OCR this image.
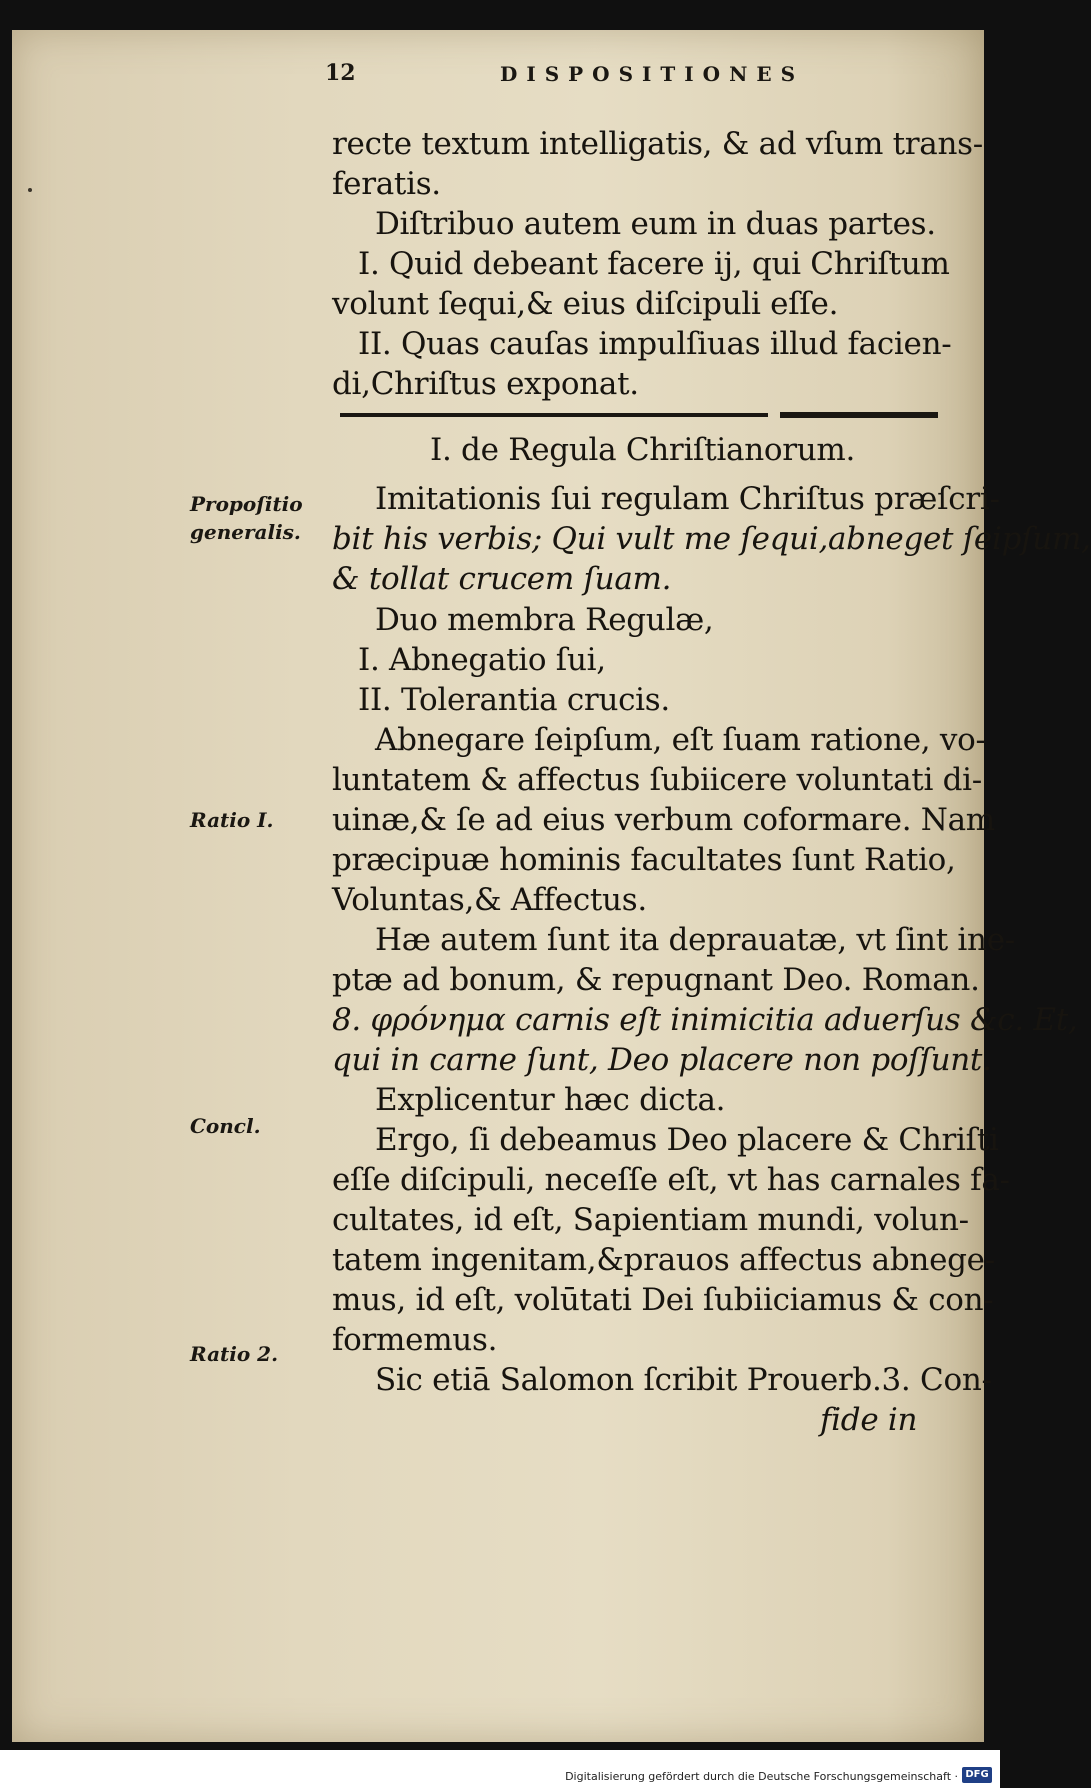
12	DISPOSITIONES
recte textum intelligatis, & ad vſum trans-
feratis.
Diſtribuo autem eum in duas partes.
I. Quid debeant facere ij, qui Chriſtum
volunt ſequi,& eius diſcipuli eſſe.
II. Quas cauſas impulſiuas illud facien-
di,Chriſtus exponat.
I. de Regula Chriſtianorum.
Imitationis ſui regulam Chriſtus præſcri-
bit his verbis; Qui vult me ſequi,abneget ſeipſum,
& tollat crucem ſuam.
Duo membra Regulæ,
I. Abnegatio ſui,
II. Tolerantia crucis.
Abnegare ſeipſum, eſt ſuam ratione, vo-
luntatem & affectus ſubiicere voluntati di-
uinæ,& ſe ad eius verbum coformare. Nam
præcipuæ hominis facultates ſunt Ratio,
Voluntas,& Affectus.
Hæ autem ſunt ita deprauatæ, vt ſint ine-
ptæ ad bonum, & repugnant Deo. Roman.
8. φρόνημα carnis eſt inimicitia aduerſus &c. Et,
qui in carne ſunt, Deo placere non poſſunt.
Explicentur hæc dicta.
Ergo, ſi debeamus Deo placere & Chriſti
eſſe diſcipuli, neceſſe eſt, vt has carnales fa-
cultates, id eſt, Sapientiam mundi, volun-
tatem ingenitam,&prauos affectus abnege-
mus, id eſt, volūtati Dei ſubiiciamus & con-
formemus.
Sic etiā Salomon ſcribit Prouerb.3. Con-
fide in
Propoſitio generalis.
Ratio I.
Concl.
Ratio 2.
Digitalisierung gefördert durch die Deutsche Forschungsgemeinschaft · DFG
